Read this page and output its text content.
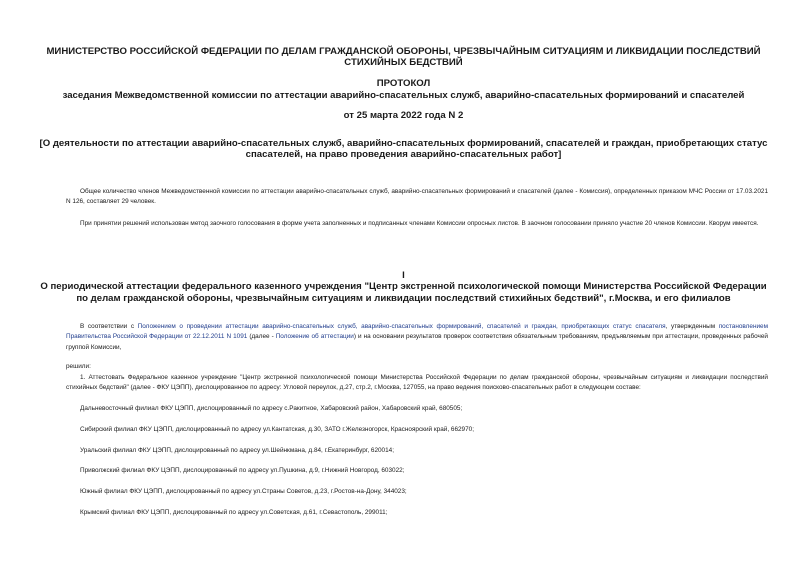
МИНИСТЕРСТВО РОССИЙСКОЙ ФЕДЕРАЦИИ ПО ДЕЛАМ ГРАЖДАНСКОЙ ОБОРОНЫ, ЧРЕЗВЫЧАЙНЫМ СИТУАЦИЯМ И ЛИКВИДАЦИИ ПОСЛЕДСТВИЙ СТИХИЙНЫХ БЕДСТВИЙ
ПРОТОКОЛ
заседания Межведомственной комиссии по аттестации аварийно-спасательных служб, аварийно-спасательных формирований и спасателей
от 25 марта 2022 года N 2
[О деятельности по аттестации аварийно-спасательных служб, аварийно-спасательных формирований, спасателей и граждан, приобретающих статус спасателей, на право проведения аварийно-спасательных работ]
Общее количество членов Межведомственной комиссии по аттестации аварийно-спасательных служб, аварийно-спасательных формирований и спасателей (далее - Комиссия), определенных приказом МЧС России от 17.03.2021 N 126, составляет 29 человек.
При принятии решений использован метод заочного голосования в форме учета заполненных и подписанных членами Комиссии опросных листов. В заочном голосовании приняло участие 20 членов Комиссии. Кворум имеется.
I
О периодической аттестации федерального казенного учреждения "Центр экстренной психологической помощи Министерства Российской Федерации по делам гражданской обороны, чрезвычайным ситуациям и ликвидации последствий стихийных бедствий", г.Москва, и его филиалов
В соответствии с Положением о проведении аттестации аварийно-спасательных служб, аварийно-спасательных формирований, спасателей и граждан, приобретающих статус спасателя, утвержденным постановлением Правительства Российской Федерации от 22.12.2011 N 1091 (далее - Положение об аттестации) и на основании результатов проверок соответствия обязательным требованиям, предъявляемым при аттестации, проведенных рабочей группой Комиссии,
решили:
1. Аттестовать Федеральное казенное учреждение "Центр экстренной психологической помощи Министерства Российской Федерации по делам гражданской обороны, чрезвычайным ситуациям и ликвидации последствий стихийных бедствий" (далее - ФКУ ЦЭПП), дислоцированное по адресу: Угловой переулок, д.27, стр.2, г.Москва, 127055, на право ведения поисково-спасательных работ в следующем составе:
Дальневосточный филиал ФКУ ЦЭПП, дислоцированный по адресу с.Ракитное, Хабаровский район, Хабаровский край, 680505;
Сибирский филиал ФКУ ЦЭПП, дислоцированный по адресу ул.Кантатская, д.30, ЗАТО г.Железногорск, Красноярский край, 662970;
Уральский филиал ФКУ ЦЭПП, дислоцированный по адресу ул.Шейнкмана, д.84, г.Екатеринбург, 620014;
Приволжский филиал ФКУ ЦЭПП, дислоцированный по адресу ул.Пушкина, д.9, г.Нижний Новгород, 603022;
Южный филиал ФКУ ЦЭПП, дислоцированный по адресу ул.Страны Советов, д.23, г.Ростов-на-Дону, 344023;
Крымский филиал ФКУ ЦЭПП, дислоцированный по адресу ул.Советская, д.61, г.Севастополь, 299011;
